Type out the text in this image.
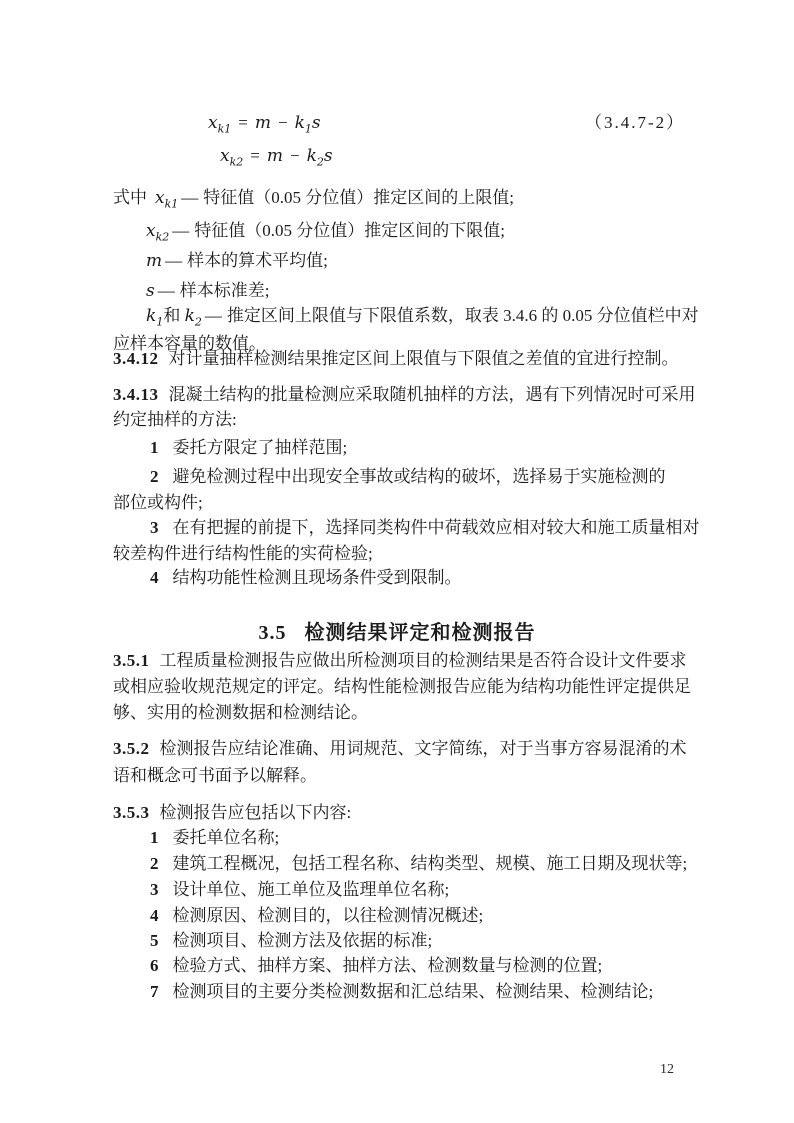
$x_{k1} = m - k_1s$	（3.4.7-2）
$x_{k2} = m - k_2s$
式中 $x_{k1}$ — 特征值（0.05 分位值）推定区间的上限值;
$x_{k2}$ — 特征值（0.05 分位值）推定区间的下限值;
m — 样本的算术平均值;
s — 样本标准差;
$k_1$和 $k_2$ — 推定区间上限值与下限值系数，取表 3.4.6 的 0.05 分位值栏中对
应样本容量的数值。
3.4.12 对计量抽样检测结果推定区间上限值与下限值之差值的宜进行控制。
3.4.13 混凝土结构的批量检测应采取随机抽样的方法，遇有下列情况时可采用
约定抽样的方法:
1 委托方限定了抽样范围;
2 避免检测过程中出现安全事故或结构的破坏，选择易于实施检测的
部位或构件;
3 在有把握的前提下，选择同类构件中荷载效应相对较大和施工质量相对
较差构件进行结构性能的实荷检验;
4 结构功能性检测且现场条件受到限制。
3.5 检测结果评定和检测报告
3.5.1 工程质量检测报告应做出所检测项目的检测结果是否符合设计文件要求
或相应验收规范规定的评定。结构性能检测报告应能为结构功能性评定提供足
够、实用的检测数据和检测结论。
3.5.2 检测报告应结论准确、用词规范、文字简练，对于当事方容易混淆的术
语和概念可书面予以解释。
3.5.3 检测报告应包括以下内容:
1 委托单位名称;
2 建筑工程概况，包括工程名称、结构类型、规模、施工日期及现状等;
3 设计单位、施工单位及监理单位名称;
4 检测原因、检测目的，以往检测情况概述;
5 检测项目、检测方法及依据的标准;
6 检验方式、抽样方案、抽样方法、检测数量与检测的位置;
7 检测项目的主要分类检测数据和汇总结果、检测结果、检测结论;
12
